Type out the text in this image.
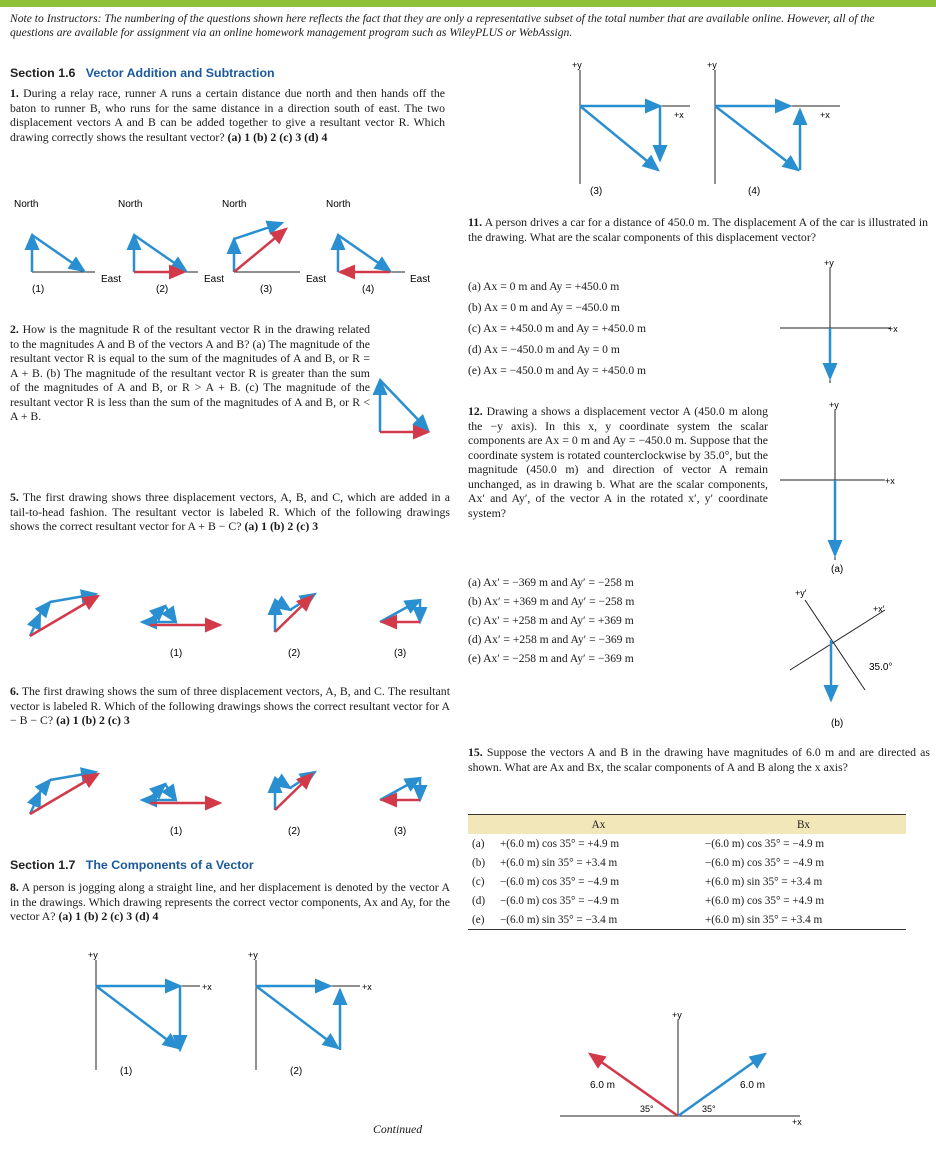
Note to Instructors: The numbering of the questions shown here reflects the fact that they are only a representative subset of the total number that are available online. However, all of the questions are available for assignment via an online homework management program such as WileyPLUS or WebAssign.
Section 1.6 Vector Addition and Subtraction
1. During a relay race, runner A runs a certain distance due north and then hands off the baton to runner B, who runs for the same distance in a direction south of east. The two displacement vectors A and B can be added together to give a resultant vector R. Which drawing correctly shows the resultant vector? (a) 1 (b) 2 (c) 3 (d) 4
North
East
(1)
North
East
(2)
North
East
(3)
North
East
(4)
2. How is the magnitude R of the resultant vector R in the drawing related to the magnitudes A and B of the vectors A and B? (a) The magnitude of the resultant vector R is equal to the sum of the magnitudes of A and B, or R = A + B. (b) The magnitude of the resultant vector R is greater than the sum of the magnitudes of A and B, or R > A + B. (c) The magnitude of the resultant vector R is less than the sum of the magnitudes of A and B, or R < A + B.
5. The first drawing shows three displacement vectors, A, B, and C, which are added in a tail-to-head fashion. The resultant vector is labeled R. Which of the following drawings shows the correct resultant vector for A + B − C? (a) 1 (b) 2 (c) 3
(1)	(2)	(3)
6. The first drawing shows the sum of three displacement vectors, A, B, and C. The resultant vector is labeled R. Which of the following drawings shows the correct resultant vector for A − B − C? (a) 1 (b) 2 (c) 3
(1)	(2)	(3)
Section 1.7 The Components of a Vector
8. A person is jogging along a straight line, and her displacement is denoted by the vector A in the drawings. Which drawing represents the correct vector components, Ax and Ay, for the vector A? (a) 1 (b) 2 (c) 3 (d) 4
+y
+x
(1)
+y
+x
(2)
+y
+x
(3)
+y
+x
(4)
11. A person drives a car for a distance of 450.0 m. The displacement A of the car is illustrated in the drawing. What are the scalar components of this displacement vector?
(a) Ax = 0 m and Ay = +450.0 m
(b) Ax = 0 m and Ay = −450.0 m
(c) Ax = +450.0 m and Ay = +450.0 m
(d) Ax = −450.0 m and Ay = 0 m
(e) Ax = −450.0 m and Ay = +450.0 m
+y
+x
12. Drawing a shows a displacement vector A (450.0 m along the −y axis). In this x, y coordinate system the scalar components are Ax = 0 m and Ay = −450.0 m. Suppose that the coordinate system is rotated counterclockwise by 35.0°, but the magnitude (450.0 m) and direction of vector A remain unchanged, as in drawing b. What are the scalar components, Ax′ and Ay′, of the vector A in the rotated x′, y′ coordinate system?
(a) Ax′ = −369 m and Ay′ = −258 m
(b) Ax′ = +369 m and Ay′ = −258 m
(c) Ax′ = +258 m and Ay′ = +369 m
(d) Ax′ = +258 m and Ay′ = −369 m
(e) Ax′ = −258 m and Ay′ = −369 m
+y
+x
(a)
+y′
+x′
35.0°
(b)
15. Suppose the vectors A and B in the drawing have magnitudes of 6.0 m and are directed as shown. What are Ax and Bx, the scalar components of A and B along the x axis?
	Ax	Bx
(a)	+(6.0 m) cos 35° = +4.9 m	−(6.0 m) cos 35° = −4.9 m
(b)	+(6.0 m) sin 35° = +3.4 m	−(6.0 m) cos 35° = −4.9 m
(c)	−(6.0 m) cos 35° = −4.9 m	+(6.0 m) sin 35° = +3.4 m
(d)	−(6.0 m) cos 35° = −4.9 m	+(6.0 m) cos 35° = +4.9 m
(e)	−(6.0 m) sin 35° = −3.4 m	+(6.0 m) sin 35° = +3.4 m
+y
+x
6.0 m	6.0 m
35°	35°
Continued
